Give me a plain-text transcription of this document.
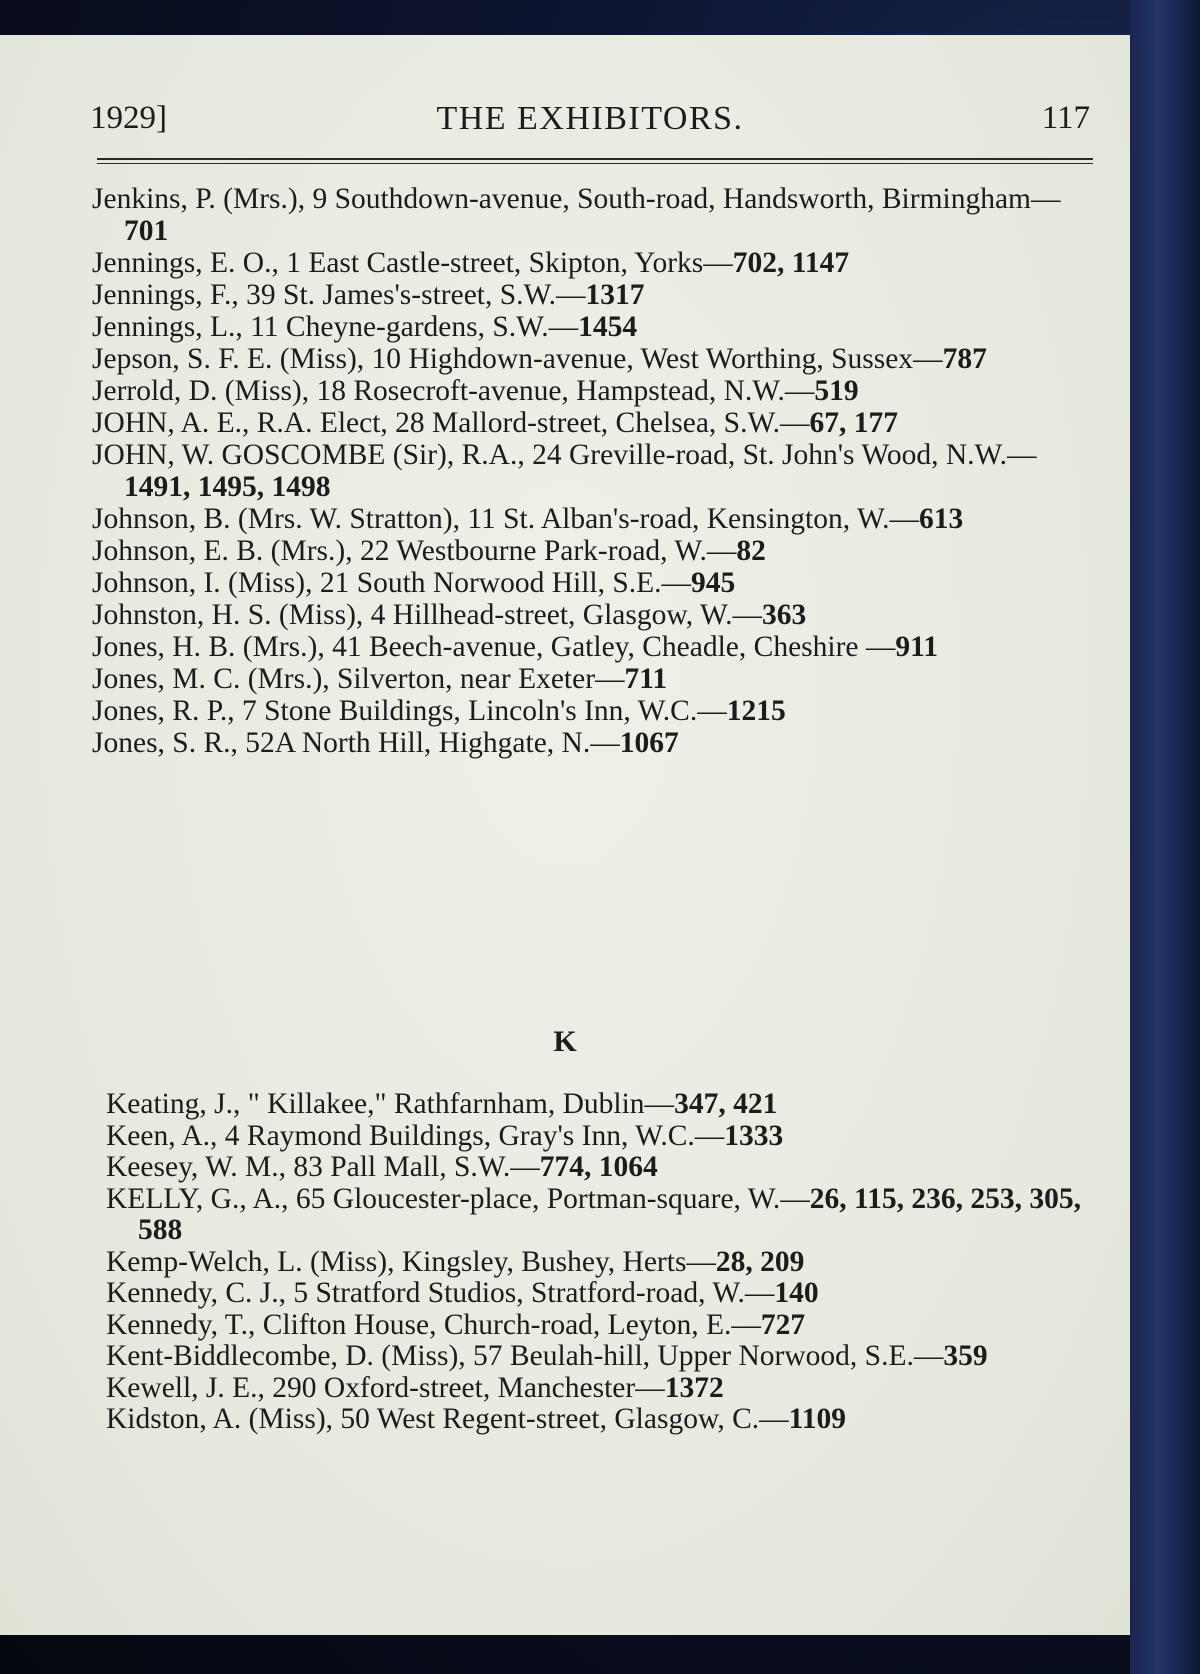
1929]	THE EXHIBITORS.	117

Jenkins, P. (Mrs.), 9 Southdown-avenue, South-road, Handsworth, Birmingham—701

Jennings, E. O., 1 East Castle-street, Skipton, Yorks—702, 1147

Jennings, F., 39 St. James's-street, S.W.—1317

Jennings, L., 11 Cheyne-gardens, S.W.—1454

Jepson, S. F. E. (Miss), 10 Highdown-avenue, West Worthing, Sussex—787

Jerrold, D. (Miss), 18 Rosecroft-avenue, Hampstead, N.W.—519

JOHN, A. E., R.A. Elect, 28 Mallord-street, Chelsea, S.W.—67, 177

JOHN, W. GOSCOMBE (Sir), R.A., 24 Greville-road, St. John's Wood, N.W.—1491, 1495, 1498

Johnson, B. (Mrs. W. Stratton), 11 St. Alban's-road, Kensington, W.—613

Johnson, E. B. (Mrs.), 22 Westbourne Park-road, W.—82

Johnson, I. (Miss), 21 South Norwood Hill, S.E.—945

Johnston, H. S. (Miss), 4 Hillhead-street, Glasgow, W.—363

Jones, H. B. (Mrs.), 41 Beech-avenue, Gatley, Cheadle, Cheshire —911

Jones, M. C. (Mrs.), Silverton, near Exeter—711

Jones, R. P., 7 Stone Buildings, Lincoln's Inn, W.C.—1215

Jones, S. R., 52A North Hill, Highgate, N.—1067

K

Keating, J., " Killakee," Rathfarnham, Dublin—347, 421

Keen, A., 4 Raymond Buildings, Gray's Inn, W.C.—1333

Keesey, W. M., 83 Pall Mall, S.W.—774, 1064

KELLY, G., A., 65 Gloucester-place, Portman-square, W.—26, 115, 236, 253, 305, 588

Kemp-Welch, L. (Miss), Kingsley, Bushey, Herts—28, 209

Kennedy, C. J., 5 Stratford Studios, Stratford-road, W.—140

Kennedy, T., Clifton House, Church-road, Leyton, E.—727

Kent-Biddlecombe, D. (Miss), 57 Beulah-hill, Upper Norwood, S.E.—359

Kewell, J. E., 290 Oxford-street, Manchester—1372

Kidston, A. (Miss), 50 West Regent-street, Glasgow, C.—1109
